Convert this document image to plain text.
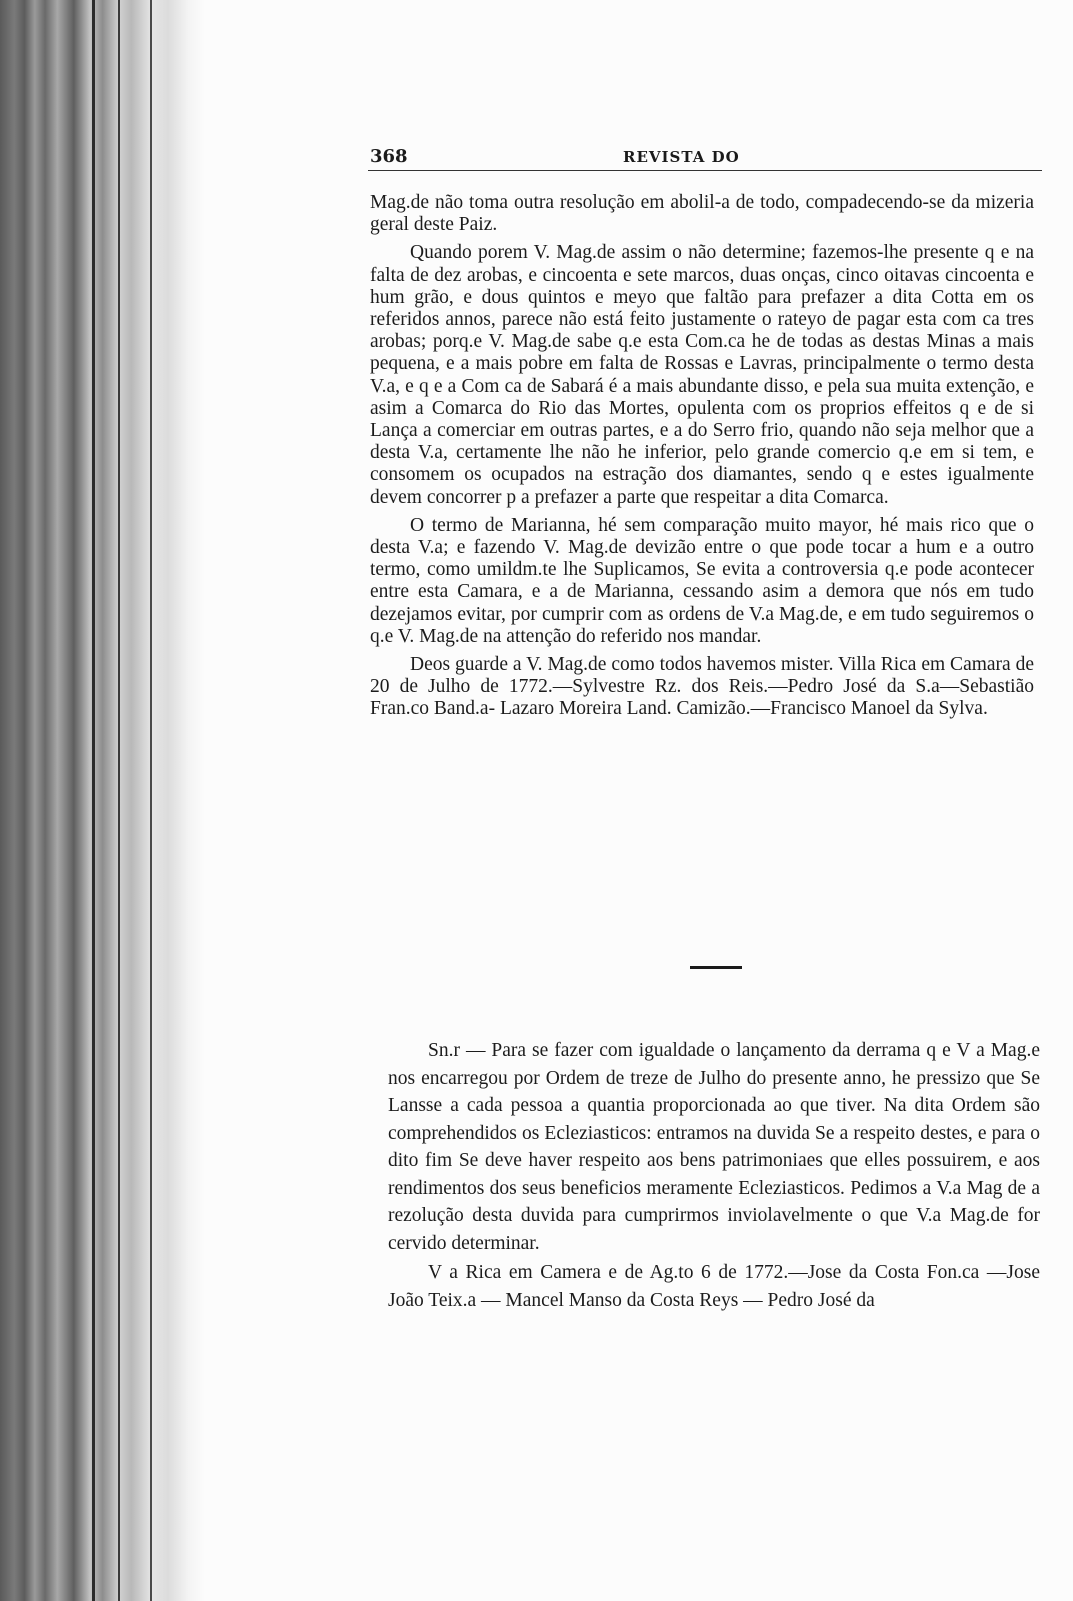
368	REVISTA DO

Mag.de não toma outra resolução em abolil-a de todo, compadecendo-se da mizeria geral deste Paiz.

Quando porem V. Mag.de assim o não determine; fazemos-lhe presente q e na falta de dez arobas, e cincoenta e sete marcos, duas onças, cinco oitavas cincoenta e hum grão, e dous quintos e meyo que faltão para prefazer a dita Cotta em os referidos annos, parece não está feito justamente o rateyo de pagar esta com ca tres arobas; porq.e V. Mag.de sabe q.e esta Com.ca he de todas as destas Minas a mais pequena, e a mais pobre em falta de Rossas e Lavras, principalmente o termo desta V.a, e q e a Com ca de Sabará é a mais abundante disso, e pela sua muita extenção, e asim a Comarca do Rio das Mortes, opulenta com os proprios effeitos q e de si Lança a comerciar em outras partes, e a do Serro frio, quando não seja melhor que a desta V.a, certamente lhe não he inferior, pelo grande comercio q.e em si tem, e consomem os ocupados na estração dos diamantes, sendo q e estes igualmente devem concorrer p a prefazer a parte que respeitar a dita Comarca.

O termo de Marianna, hé sem comparação muito mayor, hé mais rico que o desta V.a; e fazendo V. Mag.de devizão entre o que pode tocar a hum e a outro termo, como umildm.te lhe Suplicamos, Se evita a controversia q.e pode acontecer entre esta Camara, e a de Marianna, cessando asim a demora que nós em tudo dezejamos evitar, por cumprir com as ordens de V.a Mag.de, e em tudo seguiremos o q.e V. Mag.de na attenção do referido nos mandar.

Deos guarde a V. Mag.de como todos havemos mister. Villa Rica em Camara de 20 de Julho de 1772.—Sylvestre Rz. dos Reis.—Pedro José da S.a—Sebastião Fran.co Band.a- Lazaro Moreira Land. Camizão.—Francisco Manoel da Sylva.

Sn.r — Para se fazer com igualdade o lançamento da derrama q e V a Mag.e nos encarregou por Ordem de treze de Julho do presente anno, he pressizo que Se Lansse a cada pessoa a quantia proporcionada ao que tiver. Na dita Ordem são comprehendidos os Ecleziasticos: entramos na duvida Se a respeito destes, e para o dito fim Se deve haver respeito aos bens patrimoniaes que elles possuirem, e aos rendimentos dos seus beneficios meramente Ecleziasticos. Pedimos a V.a Mag de a rezolução desta duvida para cumprirmos inviolavelmente o que V.a Mag.de for cervido determinar.

V a Rica em Camera e de Ag.to 6 de 1772.—Jose da Costa Fon.ca —Jose João Teix.a — Mancel Manso da Costa Reys — Pedro José da
